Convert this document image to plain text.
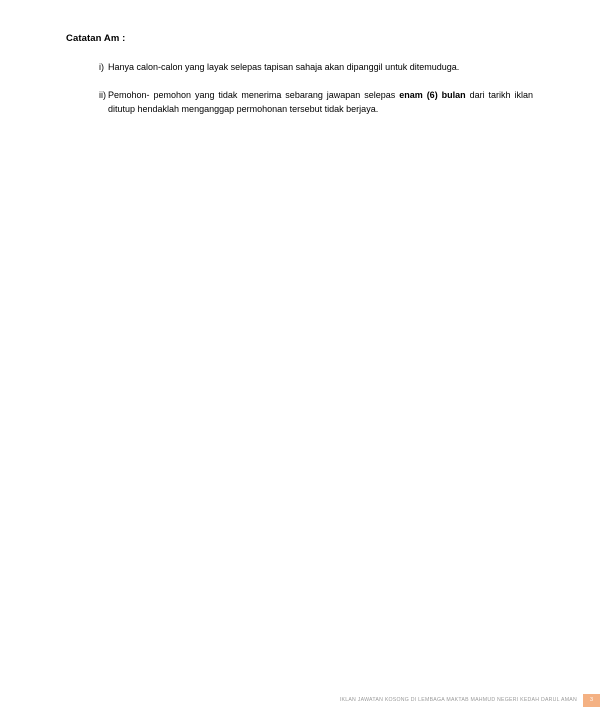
Catatan Am :
i) Hanya calon-calon yang layak selepas tapisan sahaja akan dipanggil untuk ditemuduga.
ii) Pemohon- pemohon yang tidak menerima sebarang jawapan selepas enam (6) bulan dari tarikh iklan ditutup hendaklah menganggap permohonan tersebut tidak berjaya.
IKLAN JAWATAN KOSONG DI LEMBAGA MAKTAB MAHMUD NEGERI KEDAH DARUL AMAN	3
